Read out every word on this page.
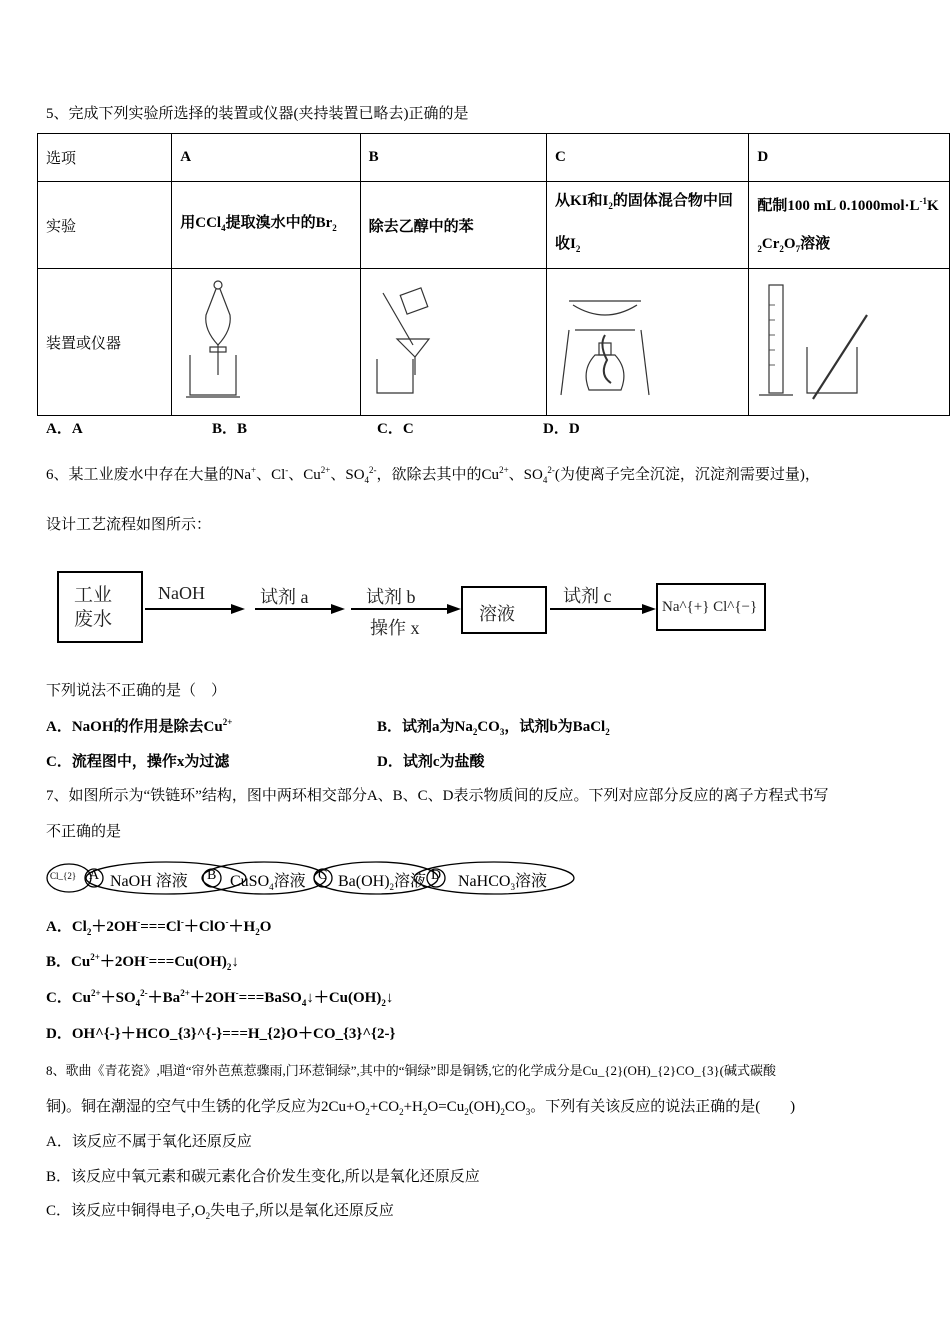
5、完成下列实验所选择的装置或仪器(夹持装置已略去)正确的是
选项	A	B	C	D
实验	用CCl$_4$提取溴水中的$Br_2$	除去乙醇中的苯	从KI和$I_2$的固体混合物中回收$I_2$	配制100 mL $0.1000mol\cdot L^{-1}K_2Cr_2O_7$溶液
装置或仪器				
A．A	B．B	C．C	D．D
6、某工业废水中存在大量的Na+、Cl-、$Cu^{2+}$、$SO_4^{2-}$，欲除去其中的$Cu^{2+}$、$SO_4^{2-}$(为使离子完全沉淀，沉淀剂需要过量)，
设计工艺流程如图所示：
工业
废水
NaOH	试剂 a	试剂 b
操作 x
溶液
试剂 c
Na^{+} Cl^{−}
下列说法不正确的是（　）
A．NaOH的作用是除去$Cu^{2+}$	B．试剂a为$Na_2CO_3$，试剂b为BaCl$_2$
C．流程图中，操作x为过滤	D．试剂c为盐酸
7、如图所示为“铁链环”结构，图中两环相交部分A、B、C、D表示物质间的反应。下列对应部分反应的离子方程式书写
不正确的是
Cl_{2} A NaOH 溶液 B CuSO$_4$溶液 C $Ba(OH)_2$溶液 D NaHCO$_3$溶液
A．$Cl_2+2OH^-===Cl^-+ClO^-+H_2O$
B．$Cu^{2+}+2OH^-===Cu(OH)_2↓$
C．$Cu^{2+}+SO_4^{2-}+Ba^{2+}+2OH^-===BaSO_4↓+Cu(OH)_2↓$
D．OH^{-}＋HCO_{3}^{-}===H_{2}O＋CO_{3}^{2-}
8、歌曲《青花瓷》,唱道“帘外芭蕉惹骤雨,门环惹铜绿”,其中的“铜绿”即是铜锈,它的化学成分是Cu_{2}(OH)_{2}CO_{3}(碱式碳酸
铜)。铜在潮湿的空气中生锈的化学反应为$2Cu+O_2+CO_2+H_2O=Cu_2(OH)_2CO_3$。下列有关该反应的说法正确的是(　　)
A．该反应不属于氧化还原反应
B．该反应中氧元素和碳元素化合价发生变化,所以是氧化还原反应
C．该反应中铜得电子$,O_2$失电子,所以是氧化还原反应
